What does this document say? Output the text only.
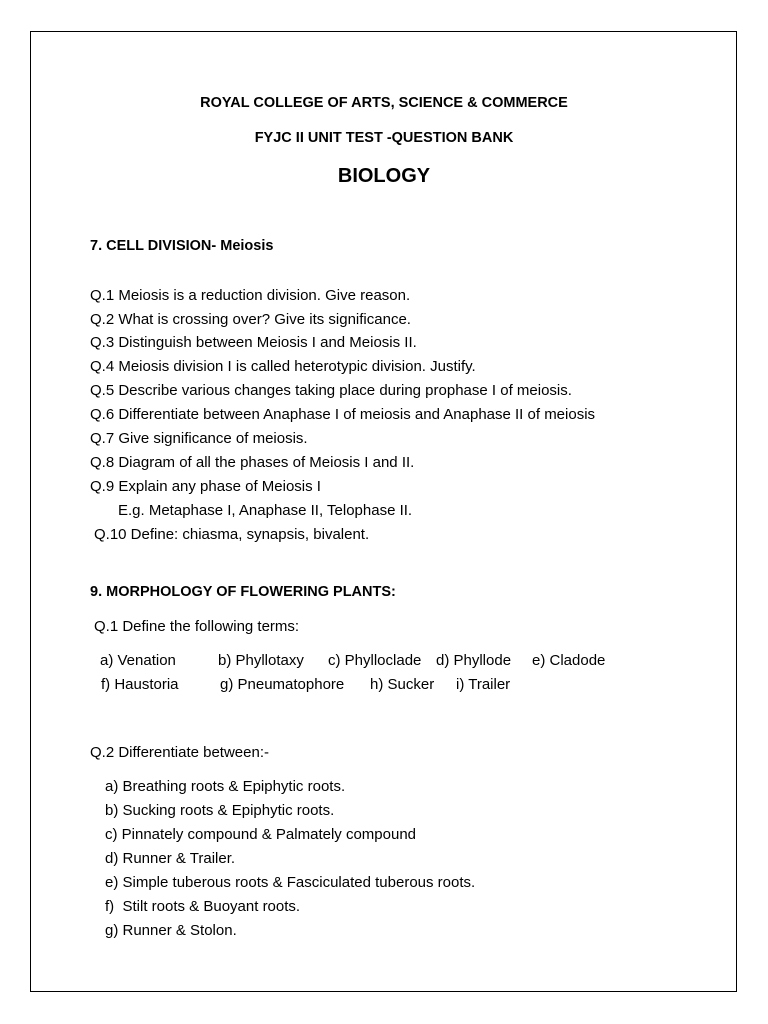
ROYAL COLLEGE OF ARTS, SCIENCE & COMMERCE
FYJC II UNIT TEST -QUESTION BANK
BIOLOGY
7. CELL DIVISION- Meiosis
Q.1 Meiosis is a reduction division. Give reason.
Q.2 What is crossing over? Give its significance.
Q.3 Distinguish between Meiosis I and Meiosis II.
Q.4 Meiosis division I is called heterotypic division. Justify.
Q.5 Describe various changes taking place during prophase I of meiosis.
Q.6 Differentiate between Anaphase I of meiosis and Anaphase II of meiosis
Q.7 Give significance of meiosis.
Q.8 Diagram of all the phases of Meiosis I and II.
Q.9 Explain any phase of Meiosis I
E.g. Metaphase I, Anaphase II, Telophase II.
Q.10 Define: chiasma, synapsis, bivalent.
9. MORPHOLOGY OF FLOWERING PLANTS:
Q.1 Define the following terms:
a) Venation	b) Phyllotaxy c) Phylloclade d) Phyllode e) Cladode
f) Haustoria	g) Pneumatophore h) Sucker i) Trailer
Q.2 Differentiate between:-
a) Breathing roots & Epiphytic roots.
b) Sucking roots & Epiphytic roots.
c) Pinnately compound & Palmately compound
d) Runner & Trailer.
e) Simple tuberous roots & Fasciculated tuberous roots.
f)  Stilt roots & Buoyant roots.
g) Runner & Stolon.
